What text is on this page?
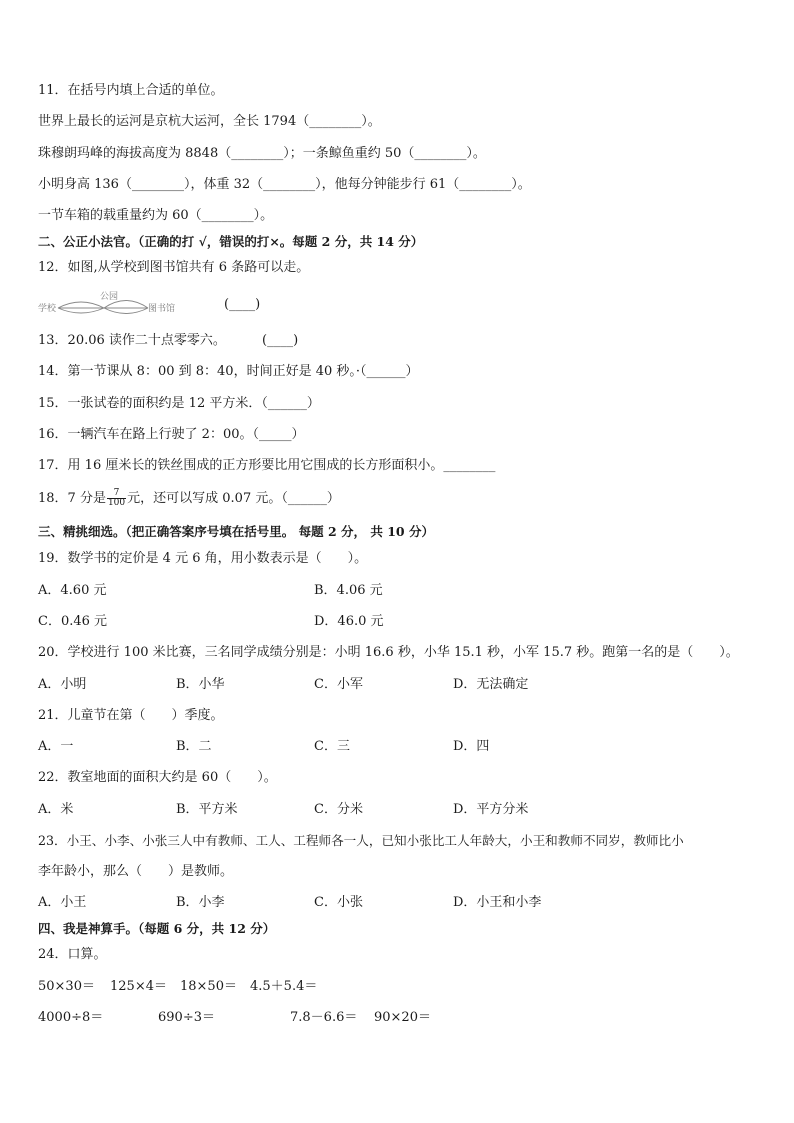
11．在括号内填上合适的单位。
世界上最长的运河是京杭大运河，全长 1794（________）。
珠穆朗玛峰的海拔高度为 8848（________）；一条鲸鱼重约 50（________）。
小明身高 136（________），体重 32（________），他每分钟能步行 61（________）。
一节车箱的载重量约为 60（________）。
二、公正小法官。（正确的打 √，错误的打×。每题 2 分，共 14 分）
12．如图,从学校到图书馆共有 6 条路可以走。
学校
公园
图书馆	(____)
13．20.06 读作二十点零零六。	(____)
14．第一节课从 8：00 到 8：40，时间正好是 40 秒。·（______）
15．一张试卷的面积约是 12 平方米．（______）
16．一辆汽车在路上行驶了 2：00。（_____）
17．用 16 厘米长的铁丝围成的正方形要比用它围成的长方形面积小。________
18．7 分是 $\frac{7}{100}$ 元，还可以写成 0.07 元。（______）
三、精挑细选。（把正确答案序号填在括号里。 每题 2 分， 共 10 分）
19．数学书的定价是 4 元 6 角，用小数表示是（　　）。
A．4.60 元	B．4.06 元
C．0.46 元	D．46.0 元
20．学校进行 100 米比赛，三名同学成绩分别是：小明 16.6 秒，小华 15.1 秒，小军 15.7 秒。跑第一名的是（　　）。
A．小明	B．小华	C．小军	D．无法确定
21．儿童节在第（　　）季度。
A．一	B．二	C．三	D．四
22．教室地面的面积大约是 60（　　）。
A．米	B．平方米	C．分米	D．平方分米
23．小王、小李、小张三人中有教师、工人、工程师各一人，已知小张比工人年龄大，小王和教师不同岁，教师比小
李年龄小，那么（　　）是教师。
A．小王	B．小李	C．小张	D．小王和小李
四、我是神算手。（每题 6 分，共 12 分）
24．口算。
50×30＝ 125×4＝ 18×50＝ 4.5＋5.4＝
4000÷8＝	690÷3＝	7.8－6.6＝ 90×20＝
